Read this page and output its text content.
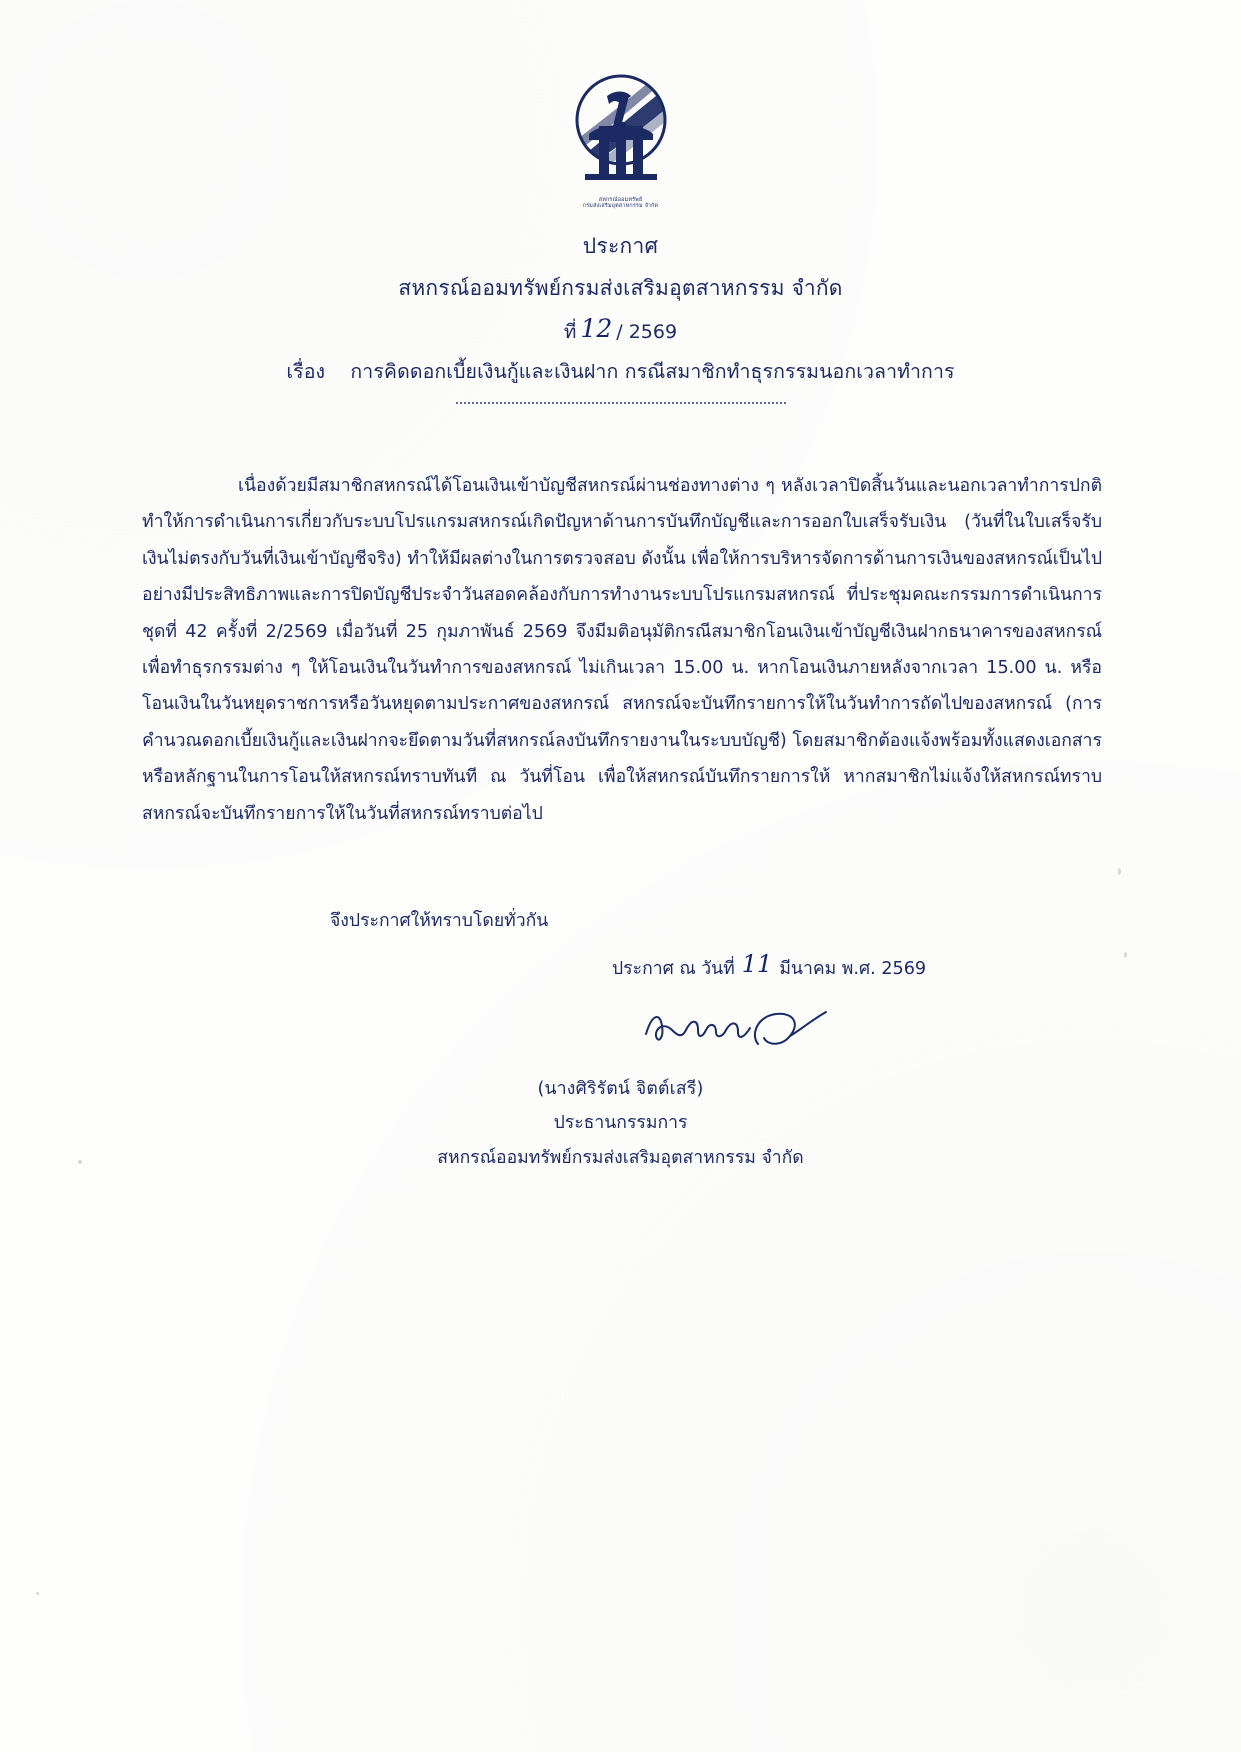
สหกรณ์ออมทรัพย์
กรมส่งเสริมอุตสาหกรรม จำกัด
ประกาศ
สหกรณ์ออมทรัพย์กรมส่งเสริมอุตสาหกรรม จำกัด
ที่ 12 / 2569
เรื่อง การคิดดอกเบี้ยเงินกู้และเงินฝาก กรณีสมาชิกทำธุรกรรมนอกเวลาทำการ

เนื่องด้วยมีสมาชิกสหกรณ์ได้โอนเงินเข้าบัญชีสหกรณ์ผ่านช่องทางต่าง ๆ หลังเวลาปิดสิ้นวันและนอกเวลาทำการปกติ ทำให้การดำเนินการเกี่ยวกับระบบโปรแกรมสหกรณ์เกิดปัญหาด้านการบันทึกบัญชีและการออกใบเสร็จรับเงิน (วันที่ในใบเสร็จรับเงินไม่ตรงกับวันที่เงินเข้าบัญชีจริง) ทำให้มีผลต่างในการตรวจสอบ ดังนั้น เพื่อให้การบริหารจัดการด้านการเงินของสหกรณ์เป็นไปอย่างมีประสิทธิภาพและการปิดบัญชีประจำวันสอดคล้องกับการทำงานระบบโปรแกรมสหกรณ์ ที่ประชุมคณะกรรมการดำเนินการ ชุดที่ 42 ครั้งที่ 2/2569 เมื่อวันที่ 25 กุมภาพันธ์ 2569 จึงมีมติอนุมัติกรณีสมาชิกโอนเงินเข้าบัญชีเงินฝากธนาคารของสหกรณ์เพื่อทำธุรกรรมต่าง ๆ ให้โอนเงินในวันทำการของสหกรณ์ ไม่เกินเวลา 15.00 น. หากโอนเงินภายหลังจากเวลา 15.00 น. หรือโอนเงินในวันหยุดราชการหรือวันหยุดตามประกาศของสหกรณ์ สหกรณ์จะบันทึกรายการให้ในวันทำการถัดไปของสหกรณ์ (การคำนวณดอกเบี้ยเงินกู้และเงินฝากจะยึดตามวันที่สหกรณ์ลงบันทึกรายงานในระบบบัญชี) โดยสมาชิกต้องแจ้งพร้อมทั้งแสดงเอกสารหรือหลักฐานในการโอนให้สหกรณ์ทราบทันที ณ วันที่โอน เพื่อให้สหกรณ์บันทึกรายการให้ หากสมาชิกไม่แจ้งให้สหกรณ์ทราบ สหกรณ์จะบันทึกรายการให้ในวันที่สหกรณ์ทราบต่อไป

จึงประกาศให้ทราบโดยทั่วกัน
ประกาศ ณ วันที่ 11 มีนาคม พ.ศ. 2569
(นางศิริรัตน์ จิตต์เสรี)
ประธานกรรมการ
สหกรณ์ออมทรัพย์กรมส่งเสริมอุตสาหกรรม จำกัด
